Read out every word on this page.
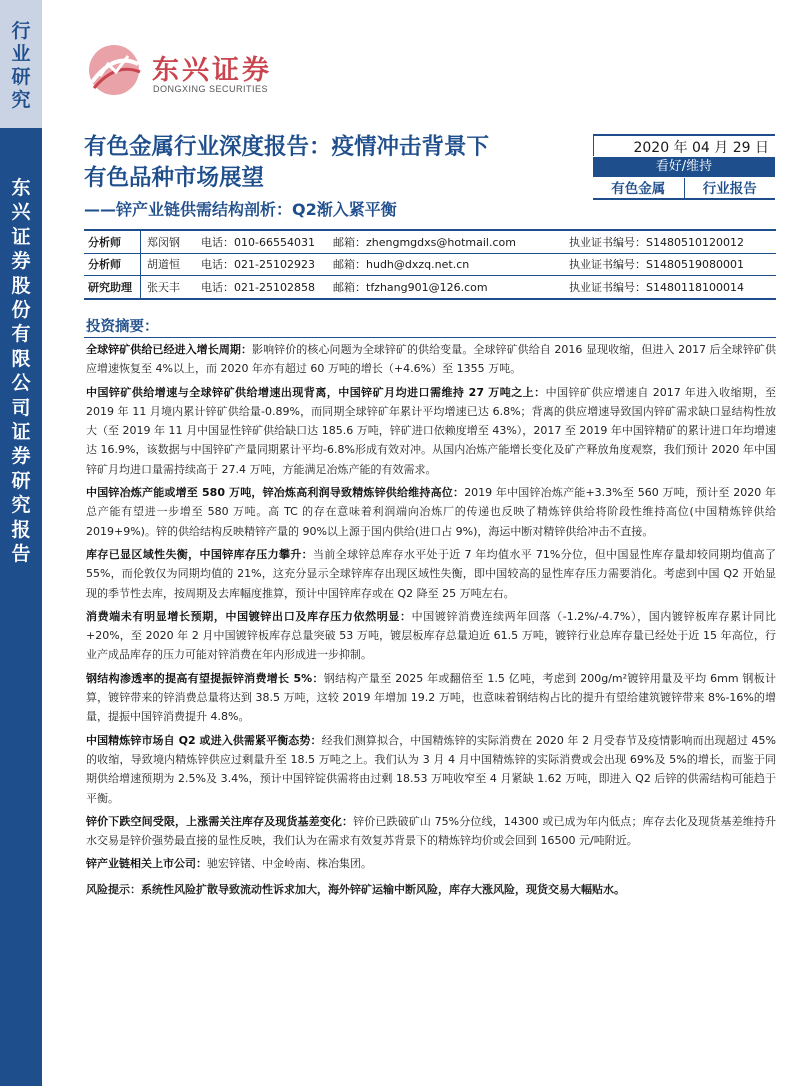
行
业
研
究
东
兴
证
券
股
份
有
限
公
司
证
券
研
究
报
告
东兴证券
DONGXING SECURITIES
有色金属行业深度报告：疫情冲击背景下
有色品种市场展望
——锌产业链供需结构剖析：Q2渐入紧平衡
2020 年 04 月 29 日
看好/维持
有色金属	行业报告
分析师	郑闵钢	电话：010-66554031	邮箱：zhengmgdxs@hotmail.com	执业证书编号：S1480510120012
分析师	胡道恒	电话：021-25102923	邮箱：hudh@dxzq.net.cn	执业证书编号：S1480519080001
研究助理	张天丰	电话：021-25102858	邮箱：tfzhang901@126.com	执业证书编号：S1480118100014
投资摘要：

全球锌矿供给已经进入增长周期：影响锌价的核心问题为全球锌矿的供给变量。全球锌矿供给自 2016 显现收缩，但进入 2017 后全球锌矿供应增速恢复至 4%以上，而 2020 年亦有超过 60 万吨的增长（+4.6%）至 1355 万吨。

中国锌矿供给增速与全球锌矿供给增速出现背离，中国锌矿月均进口需维持 27 万吨之上：中国锌矿供应增速自 2017 年进入收缩期，至 2019 年 11 月境内累计锌矿供给量-0.89%，而同期全球锌矿年累计平均增速已达 6.8%；背离的供应增速导致国内锌矿需求缺口显结构性放大（至 2019 年 11 月中国显性锌矿供给缺口达 185.6 万吨，锌矿进口依赖度增至 43%），2017 至 2019 年中国锌精矿的累计进口年均增速达 16.9%，该数据与中国锌矿产量同期累计平均-6.8%形成有效对冲。从国内冶炼产能增长变化及矿产释放角度观察，我们预计 2020 年中国锌矿月均进口量需持续高于 27.4 万吨，方能满足冶炼产能的有效需求。

中国锌冶炼产能或增至 580 万吨，锌冶炼高利润导致精炼锌供给维持高位：2019 年中国锌冶炼产能+3.3%至 560 万吨，预计至 2020 年总产能有望进一步增至 580 万吨。高 TC 的存在意味着利润端向冶炼厂的传递也反映了精炼锌供给将阶段性维持高位(中国精炼锌供给 2019+9%)。锌的供给结构反映精锌产量的 90%以上源于国内供给(进口占 9%)，海运中断对精锌供给冲击不直接。

库存已显区域性失衡，中国锌库存压力攀升：当前全球锌总库存水平处于近 7 年均值水平 71%分位，但中国显性库存量却较同期均值高了 55%，而伦敦仅为同期均值的 21%，这充分显示全球锌库存出现区域性失衡，即中国较高的显性库存压力需要消化。考虑到中国 Q2 开始显现的季节性去库，按周期及去库幅度推算，预计中国锌库存或在 Q2 降至 25 万吨左右。

消费端未有明显增长预期，中国镀锌出口及库存压力依然明显：中国镀锌消费连续两年回落（-1.2%/-4.7%），国内镀锌板库存累计同比+20%，至 2020 年 2 月中国镀锌板库存总量突破 53 万吨，镀层板库存总量迫近 61.5 万吨，镀锌行业总库存量已经处于近 15 年高位，行业产成品库存的压力可能对锌消费在年内形成进一步抑制。

钢结构渗透率的提高有望提振锌消费增长 5%：钢结构产量至 2025 年或翻倍至 1.5 亿吨，考虑到 200g/m²镀锌用量及平均 6mm 钢板计算，镀锌带来的锌消费总量将达到 38.5 万吨，这较 2019 年增加 19.2 万吨，也意味着钢结构占比的提升有望给建筑镀锌带来 8%-16%的增量，提振中国锌消费提升 4.8%。

中国精炼锌市场自 Q2 或进入供需紧平衡态势：经我们测算拟合，中国精炼锌的实际消费在 2020 年 2 月受春节及疫情影响而出现超过 45%的收缩，导致境内精炼锌供应过剩量升至 18.5 万吨之上。我们认为 3 月 4 月中国精炼锌的实际消费或会出现 69%及 5%的增长，而鉴于同期供给增速预期为 2.5%及 3.4%，预计中国锌锭供需将由过剩 18.53 万吨收窄至 4 月紧缺 1.62 万吨，即进入 Q2 后锌的供需结构可能趋于平衡。

锌价下跌空间受限，上涨需关注库存及现货基差变化：锌价已跌破矿山 75%分位线，14300 或已成为年内低点；库存去化及现货基差维持升水交易是锌价强势最直接的显性反映，我们认为在需求有效复苏背景下的精炼锌均价或会回到 16500 元/吨附近。

锌产业链相关上市公司：驰宏锌锗、中金岭南、株冶集团。

风险提示：系统性风险扩散导致流动性诉求加大，海外锌矿运输中断风险，库存大涨风险，现货交易大幅贴水。
